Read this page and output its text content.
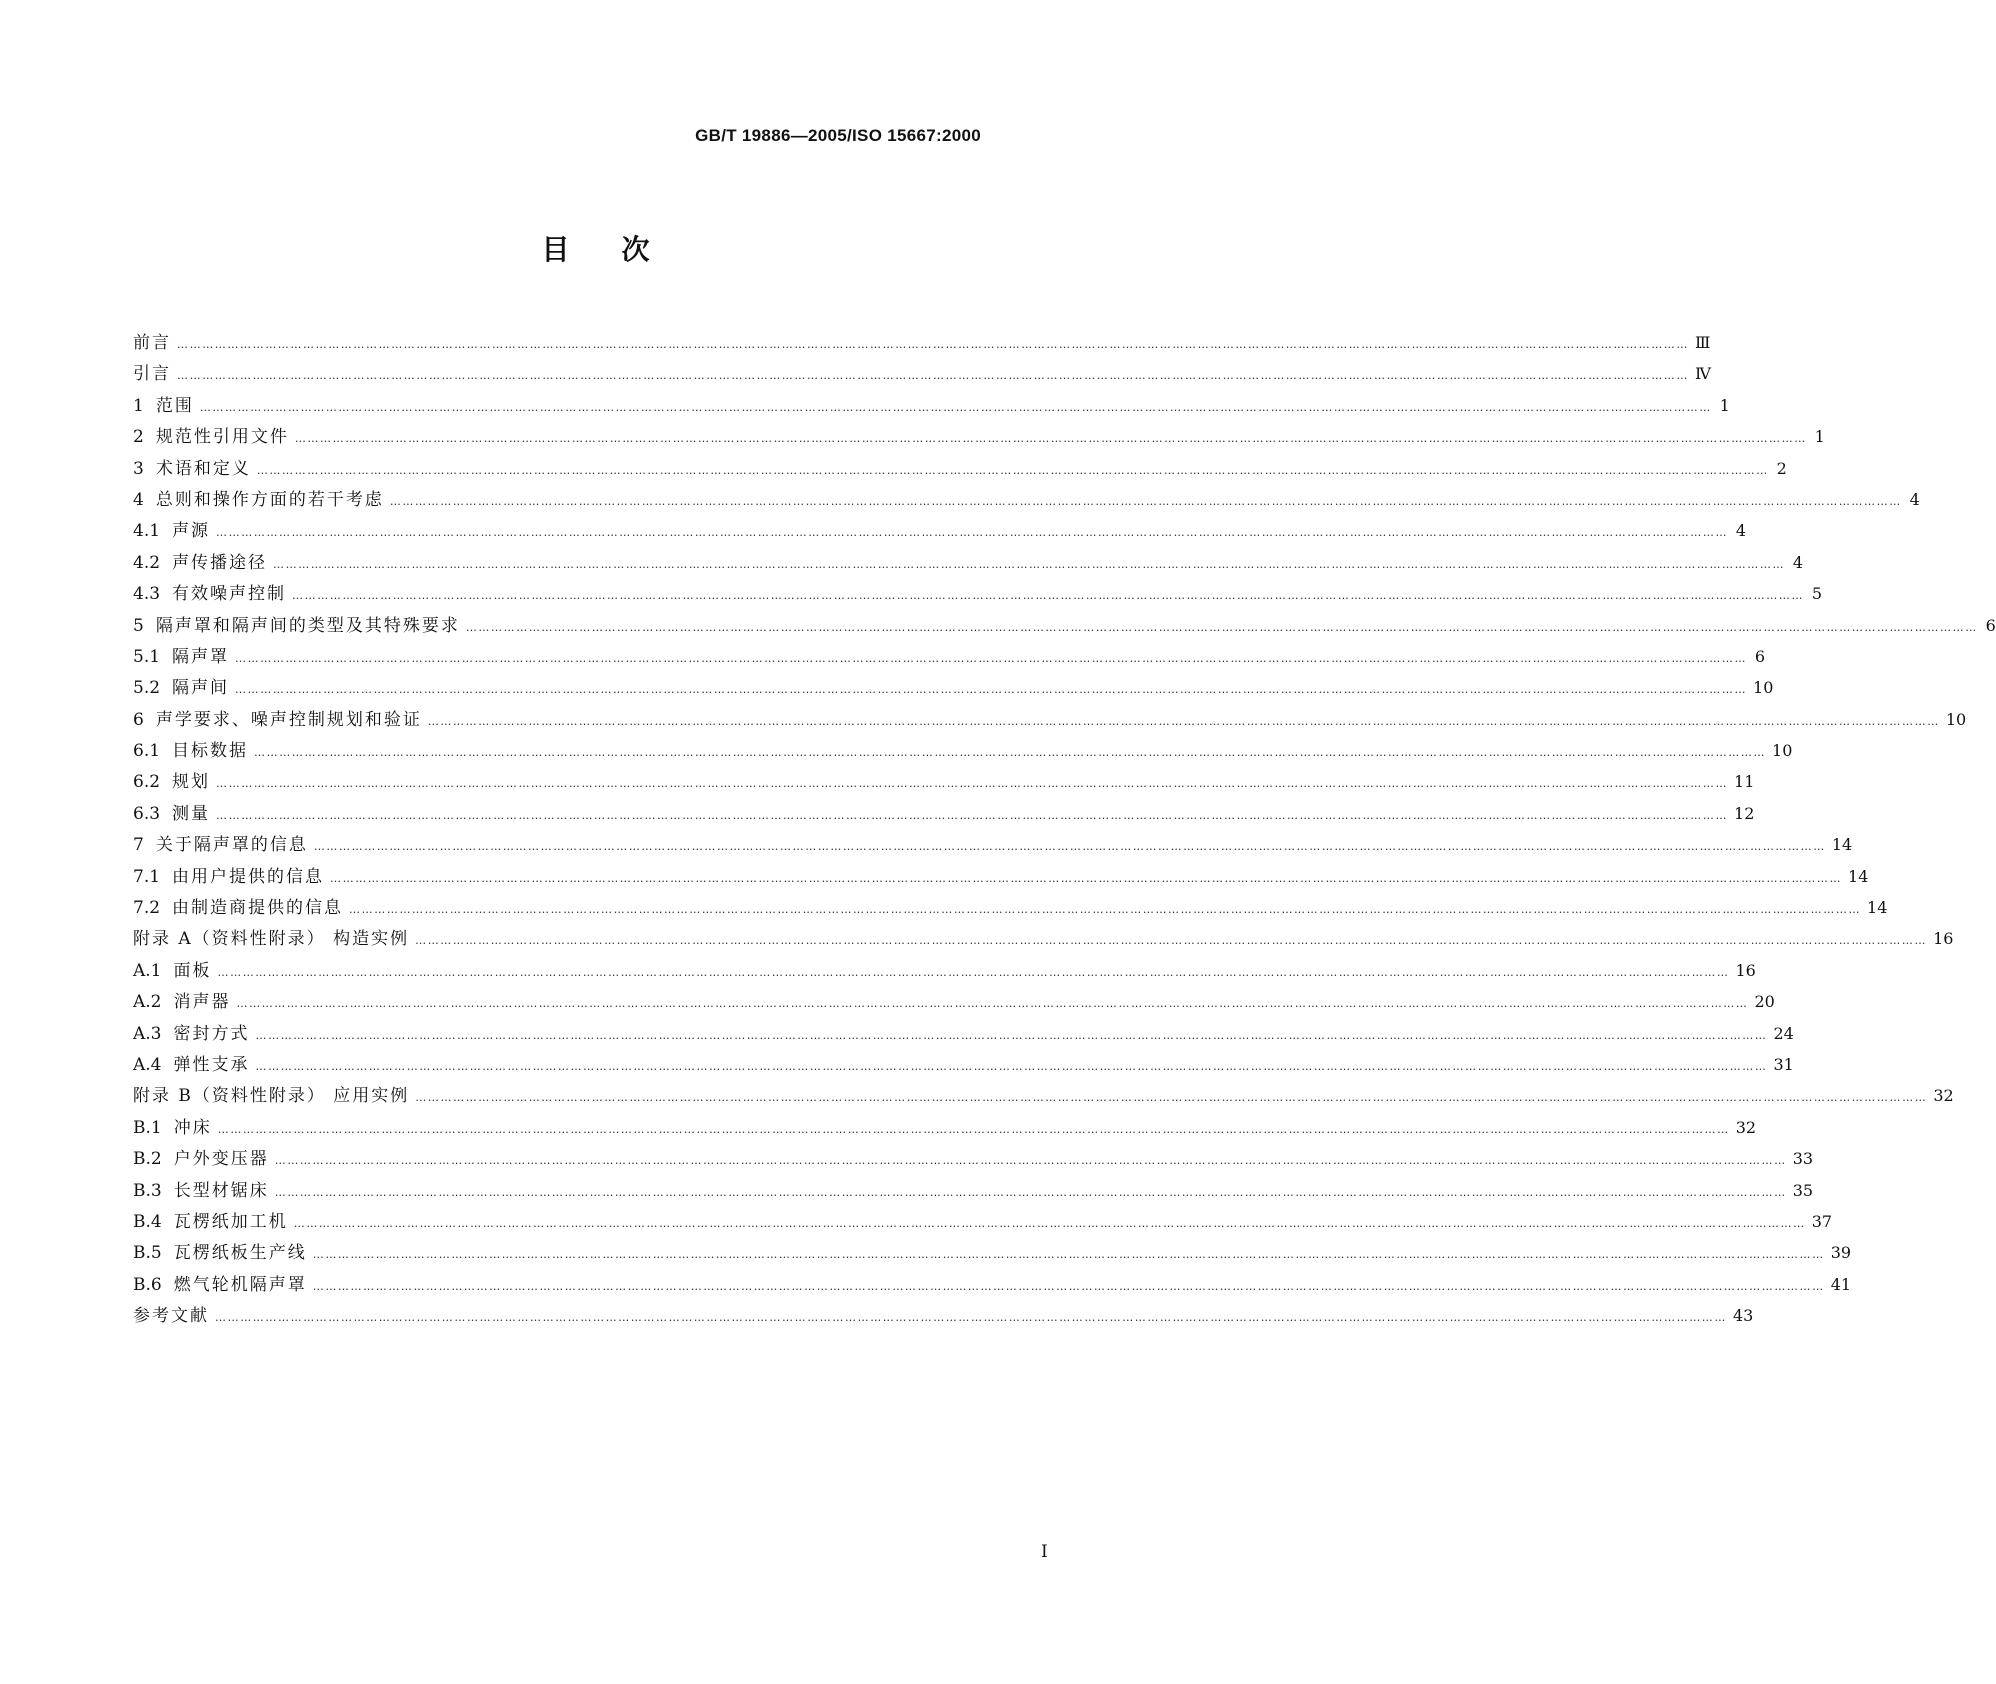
GB/T 19886—2005/ISO 15667:2000
目次
前言 ……………………………………………………………………………………………………………………………………………………………………………………………………………………………………………………………………………………………………………………………… Ⅲ
引言 ……………………………………………………………………………………………………………………………………………………………………………………………………………………………………………………………………………………………………………………………… Ⅳ
1 范围 ……………………………………………………………………………………………………………………………………………………………………………………………………………………………………………………………………………………………………………………………… 1
2 规范性引用文件 ……………………………………………………………………………………………………………………………………………………………………………………………………………………………………………………………………………………………………………………………… 1
3 术语和定义 ……………………………………………………………………………………………………………………………………………………………………………………………………………………………………………………………………………………………………………………………… 2
4 总则和操作方面的若干考虑 ……………………………………………………………………………………………………………………………………………………………………………………………………………………………………………………………………………………………………………………………… 4
4.1 声源 ……………………………………………………………………………………………………………………………………………………………………………………………………………………………………………………………………………………………………………………………… 4
4.2 声传播途径 ……………………………………………………………………………………………………………………………………………………………………………………………………………………………………………………………………………………………………………………………… 4
4.3 有效噪声控制 ……………………………………………………………………………………………………………………………………………………………………………………………………………………………………………………………………………………………………………………………… 5
5 隔声罩和隔声间的类型及其特殊要求 ……………………………………………………………………………………………………………………………………………………………………………………………………………………………………………………………………………………………………………………………… 6
5.1 隔声罩 ……………………………………………………………………………………………………………………………………………………………………………………………………………………………………………………………………………………………………………………………… 6
5.2 隔声间 ……………………………………………………………………………………………………………………………………………………………………………………………………………………………………………………………………………………………………………………………… 10
6 声学要求、噪声控制规划和验证 ……………………………………………………………………………………………………………………………………………………………………………………………………………………………………………………………………………………………………………………………… 10
6.1 目标数据 ……………………………………………………………………………………………………………………………………………………………………………………………………………………………………………………………………………………………………………………………… 10
6.2 规划 ……………………………………………………………………………………………………………………………………………………………………………………………………………………………………………………………………………………………………………………………… 11
6.3 测量 ……………………………………………………………………………………………………………………………………………………………………………………………………………………………………………………………………………………………………………………………… 12
7 关于隔声罩的信息 ……………………………………………………………………………………………………………………………………………………………………………………………………………………………………………………………………………………………………………………………… 14
7.1 由用户提供的信息 ……………………………………………………………………………………………………………………………………………………………………………………………………………………………………………………………………………………………………………………………… 14
7.2 由制造商提供的信息 ……………………………………………………………………………………………………………………………………………………………………………………………………………………………………………………………………………………………………………………………… 14
附录 A（资料性附录） 构造实例 ……………………………………………………………………………………………………………………………………………………………………………………………………………………………………………………………………………………………………………………………… 16
A.1 面板 ……………………………………………………………………………………………………………………………………………………………………………………………………………………………………………………………………………………………………………………………… 16
A.2 消声器 ……………………………………………………………………………………………………………………………………………………………………………………………………………………………………………………………………………………………………………………………… 20
A.3 密封方式 ……………………………………………………………………………………………………………………………………………………………………………………………………………………………………………………………………………………………………………………………… 24
A.4 弹性支承 ……………………………………………………………………………………………………………………………………………………………………………………………………………………………………………………………………………………………………………………………… 31
附录 B（资料性附录） 应用实例 ……………………………………………………………………………………………………………………………………………………………………………………………………………………………………………………………………………………………………………………………… 32
B.1 冲床 ……………………………………………………………………………………………………………………………………………………………………………………………………………………………………………………………………………………………………………………………… 32
B.2 户外变压器 ……………………………………………………………………………………………………………………………………………………………………………………………………………………………………………………………………………………………………………………………… 33
B.3 长型材锯床 ……………………………………………………………………………………………………………………………………………………………………………………………………………………………………………………………………………………………………………………………… 35
B.4 瓦楞纸加工机 ……………………………………………………………………………………………………………………………………………………………………………………………………………………………………………………………………………………………………………………………… 37
B.5 瓦楞纸板生产线 ……………………………………………………………………………………………………………………………………………………………………………………………………………………………………………………………………………………………………………………………… 39
B.6 燃气轮机隔声罩 ……………………………………………………………………………………………………………………………………………………………………………………………………………………………………………………………………………………………………………………………… 41
参考文献 ……………………………………………………………………………………………………………………………………………………………………………………………………………………………………………………………………………………………………………………………… 43
I
